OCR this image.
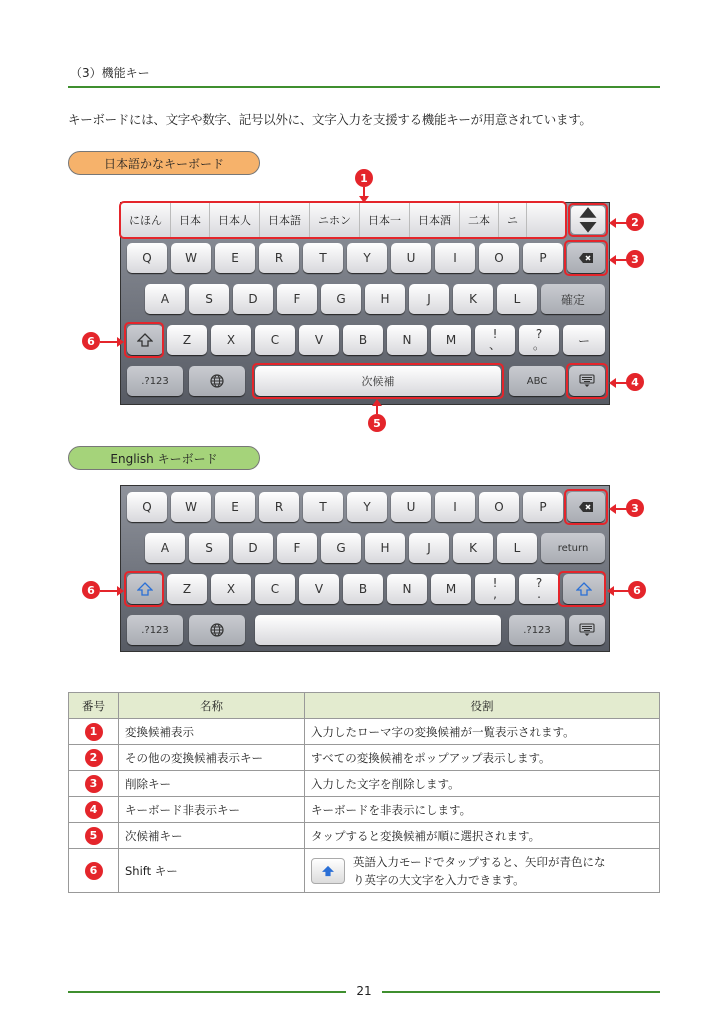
（3）機能キー
キーボードには、文字や数字、記号以外に、文字入力を支援する機能キーが用意されています。
日本語かなキーボード
にほん	日本	日本人	日本語	ニホン	日本一	日本酒	二本	ニ
Q	W	E	R	T	Y	U	I	O	P
A	S	D	F	G	H	J	K	L	確定
Z	X	C	V	B	N	M	!
、
?
。	ー
.?123	次候補	ABC
1
2
3
4
5
6
English キーボード
Q	W	E	R	T	Y	U	I	O	P
A	S	D	F	G	H	J	K	L	return
Z	X	C	V	B	N	M	!
,
?
.
.?123	.?123
3
6	6
番号	名称	役割
1	変換候補表示	入力したローマ字の変換候補が一覧表示されます。
2	その他の変換候補表示キー	すべての変換候補をポップアップ表示します。
3	削除キー	入力した文字を削除します。
4	キーボード非表示キー	キーボードを非表示にします。
5	次候補キー	タップすると変換候補が順に選択されます。
6	Shift キー	英語入力モードでタップすると、矢印が青色にな
り英字の大文字を入力できます。
21
